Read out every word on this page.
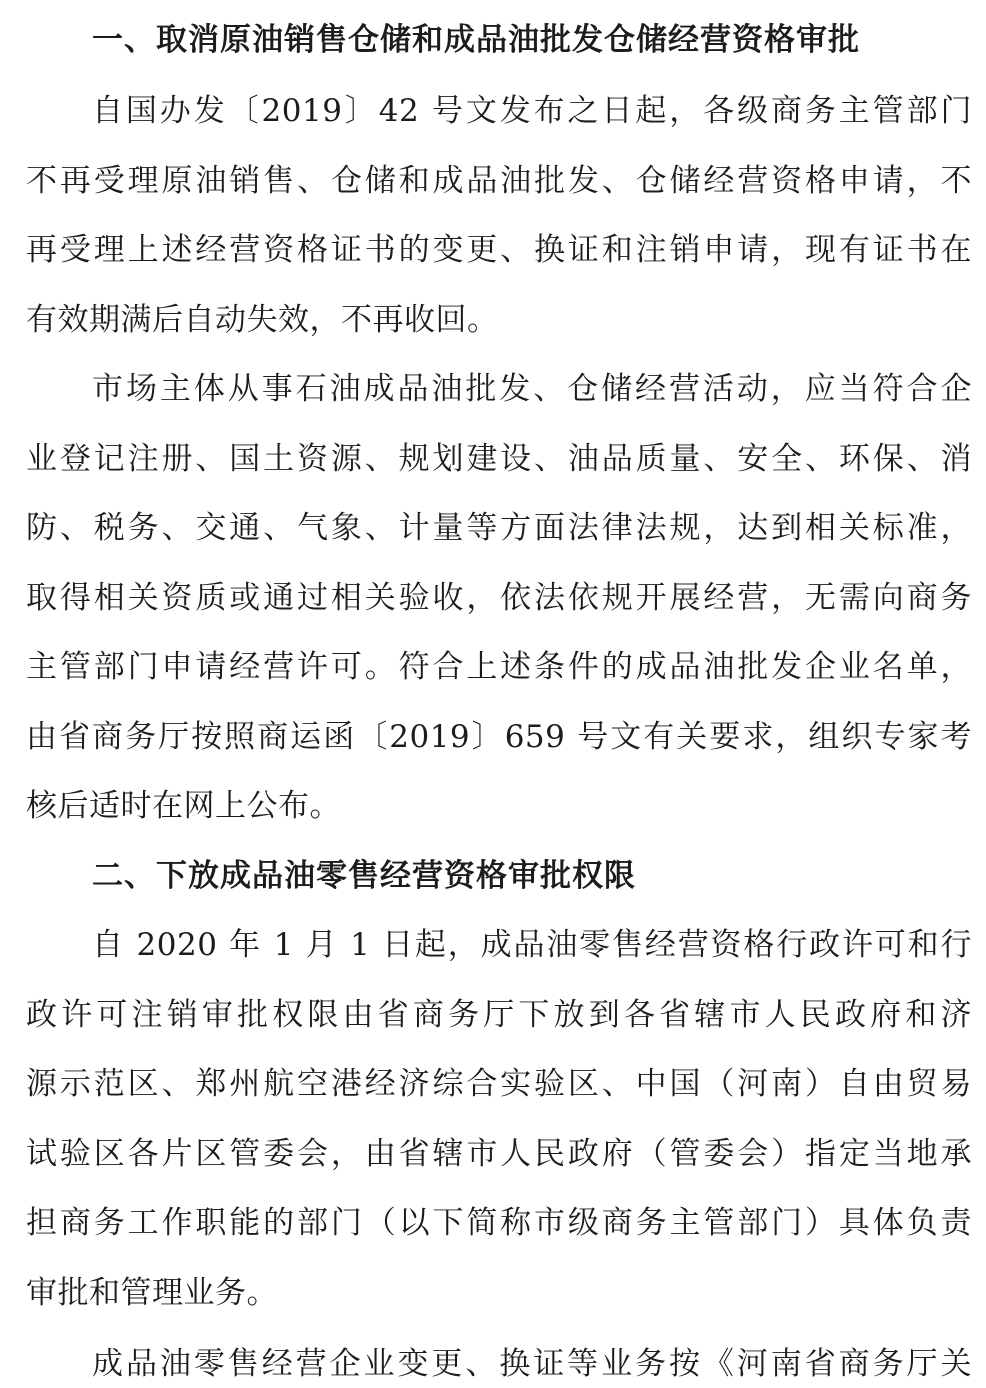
一、取消原油销售仓储和成品油批发仓储经营资格审批
自国办发〔2019〕42 号文发布之日起，各级商务主管部门
不再受理原油销售、仓储和成品油批发、仓储经营资格申请，不
再受理上述经营资格证书的变更、换证和注销申请，现有证书在
有效期满后自动失效，不再收回。
市场主体从事石油成品油批发、仓储经营活动，应当符合企
业登记注册、国土资源、规划建设、油品质量、安全、环保、消
防、税务、交通、气象、计量等方面法律法规，达到相关标准，
取得相关资质或通过相关验收，依法依规开展经营，无需向商务
主管部门申请经营许可。符合上述条件的成品油批发企业名单，
由省商务厅按照商运函〔2019〕659 号文有关要求，组织专家考
核后适时在网上公布。
二、下放成品油零售经营资格审批权限
自 2020 年 1 月 1 日起，成品油零售经营资格行政许可和行
政许可注销审批权限由省商务厅下放到各省辖市人民政府和济
源示范区、郑州航空港经济综合实验区、中国（河南）自由贸易
试验区各片区管委会，由省辖市人民政府（管委会）指定当地承
担商务工作职能的部门（以下简称市级商务主管部门）具体负责
审批和管理业务。
成品油零售经营企业变更、换证等业务按《河南省商务厅关
